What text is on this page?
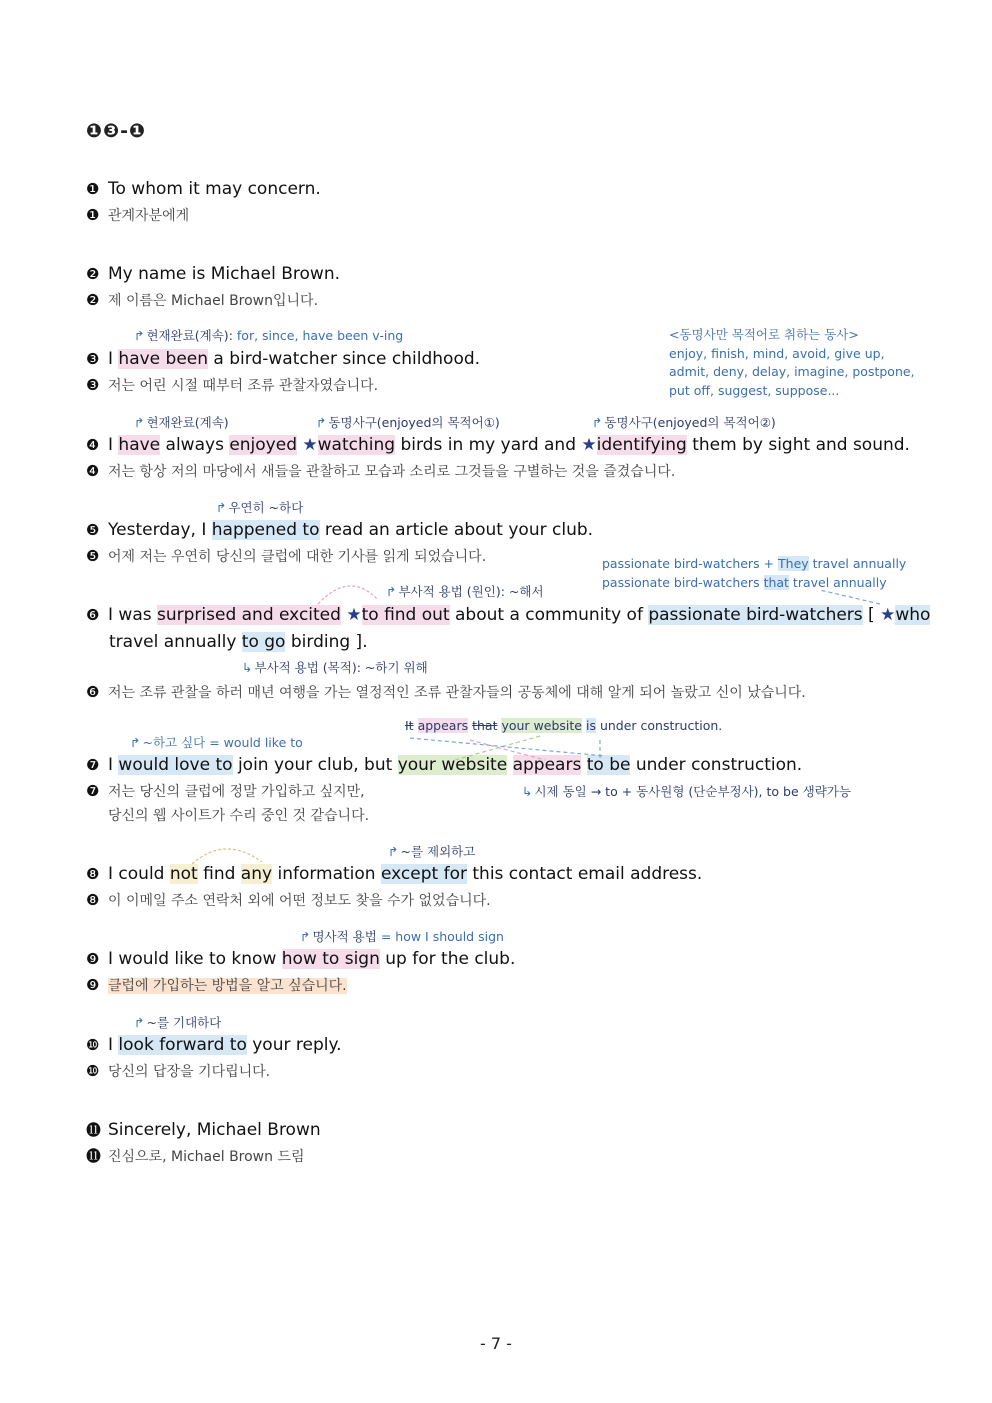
❶❸-❶
❶ To whom it may concern.
❶ 관계자분에게
❷ My name is Michael Brown.
❷ 제 이름은 Michael Brown입니다.
↱ 현재완료(계속): for, since, have been v-ing
❸ I have been a bird-watcher since childhood.
❸ 저는 어린 시절 때부터 조류 관찰자였습니다.
<동명사만 목적어로 취하는 동사>
enjoy, finish, mind, avoid, give up,
admit, deny, delay, imagine, postpone,
put off, suggest, suppose...
↱ 현재완료(계속)	↱ 동명사구(enjoyed의 목적어①)	↱ 동명사구(enjoyed의 목적어②)
❹ I have always enjoyed ★watching birds in my yard and ★identifying them by sight and sound.
❹ 저는 항상 저의 마당에서 새들을 관찰하고 모습과 소리로 그것들을 구별하는 것을 즐겼습니다.
↱ 우연히 ~하다
❺ Yesterday, I happened to read an article about your club.
❺ 어제 저는 우연히 당신의 클럽에 대한 기사를 읽게 되었습니다.	passionate bird-watchers + They travel annually
passionate bird-watchers that travel annually
↱ 부사적 용법 (원인): ~해서
❻ I was surprised and excited ★to find out about a community of passionate bird-watchers [ ★who
travel annually to go birding ].
↳ 부사적 용법 (목적): ~하기 위해
❻ 저는 조류 관찰을 하러 매년 여행을 가는 열정적인 조류 관찰자들의 공동체에 대해 알게 되어 놀랐고 신이 났습니다.
It appears that your website is under construction.
↱ ~하고 싶다 = would like to
❼ I would love to join your club, but your website appears to be under construction.
↳ 시제 동일 → to + 동사원형 (단순부정사), to be 생략가능
❼ 저는 당신의 클럽에 정말 가입하고 싶지만,
당신의 웹 사이트가 수리 중인 것 같습니다.
↱ ~를 제외하고
❽ I could not find any information except for this contact email address.
❽ 이 이메일 주소 연락처 외에 어떤 정보도 찾을 수가 없었습니다.
↱ 명사적 용법 = how I should sign
❾ I would like to know how to sign up for the club.
❾ 클럽에 가입하는 방법을 알고 싶습니다.
↱ ~를 기대하다
❿ I look forward to your reply.
❿ 당신의 답장을 기다립니다.
⓫ Sincerely, Michael Brown
⓫ 진심으로, Michael Brown 드림
- 7 -
